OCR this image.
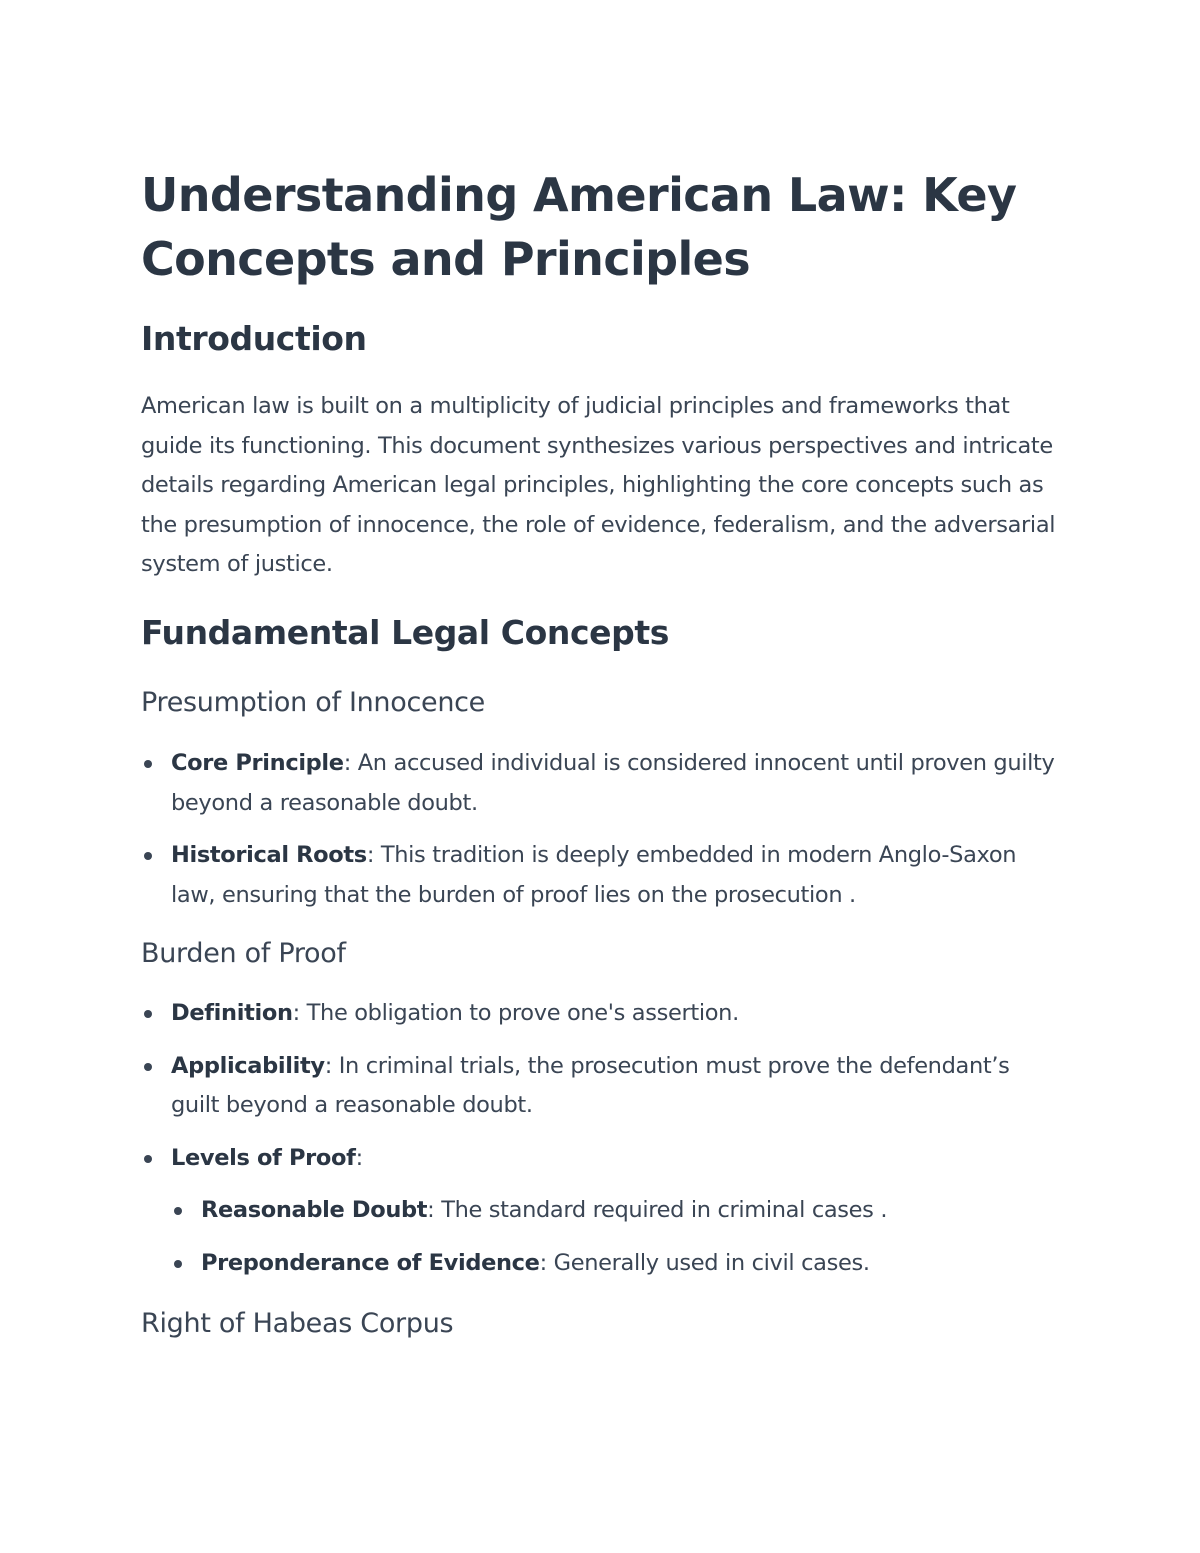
Understanding American Law: Key Concepts and Principles
Introduction

American law is built on a multiplicity of judicial principles and frameworks that guide its functioning. This document synthesizes various perspectives and intricate details regarding American legal principles, highlighting the core concepts such as the presumption of innocence, the role of evidence, federalism, and the adversarial system of justice.

Fundamental Legal Concepts
Presumption of Innocence
Core Principle: An accused individual is considered innocent until proven guilty beyond a reasonable doubt.
Historical Roots: This tradition is deeply embedded in modern Anglo-Saxon law, ensuring that the burden of proof lies on the prosecution .
Burden of Proof
Definition: The obligation to prove one's assertion.
Applicability: In criminal trials, the prosecution must prove the defendant’s guilt beyond a reasonable doubt.
Levels of Proof:
Reasonable Doubt: The standard required in criminal cases .
Preponderance of Evidence: Generally used in civil cases.
Right of Habeas Corpus
